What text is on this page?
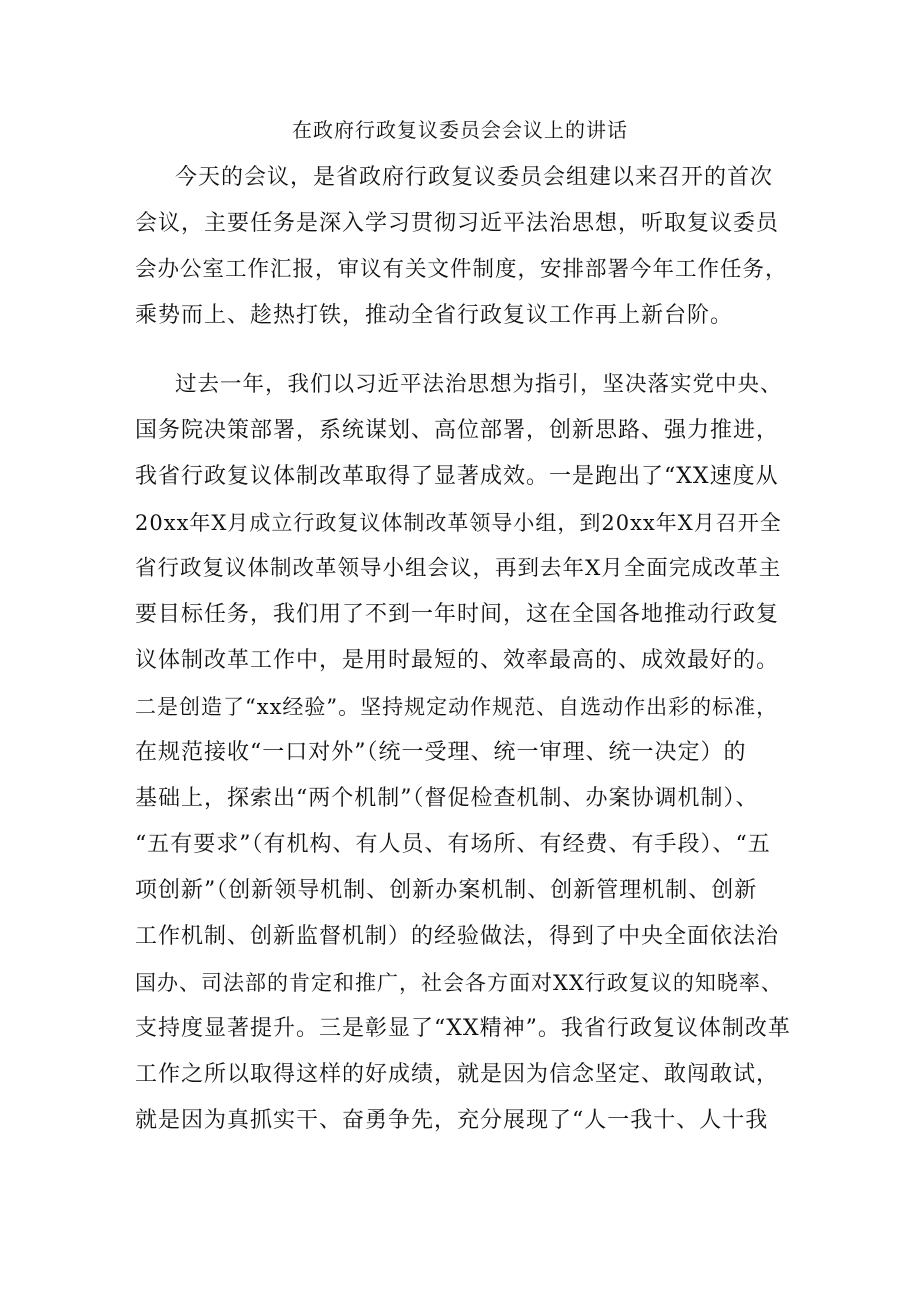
在政府行政复议委员会会议上的讲话

今天的会议，是省政府行政复议委员会组建以来召开的首次

会议，主要任务是深入学习贯彻习近平法治思想，听取复议委员

会办公室工作汇报，审议有关文件制度，安排部署今年工作任务，

乘势而上、趁热打铁，推动全省行政复议工作再上新台阶。

过去一年，我们以习近平法治思想为指引，坚决落实党中央、

国务院决策部署，系统谋划、高位部署，创新思路、强力推进，

我省行政复议体制改革取得了显著成效。一是跑出了“XX速度从

20xx年X月成立行政复议体制改革领导小组，到20xx年X月召开全

省行政复议体制改革领导小组会议，再到去年X月全面完成改革主

要目标任务，我们用了不到一年时间，这在全国各地推动行政复

议体制改革工作中，是用时最短的、效率最高的、成效最好的。

二是创造了“xx经验”。坚持规定动作规范、自选动作出彩的标准，

在规范接收“一口对外”（统一受理、统一审理、统一决定）的

基础上，探索出“两个机制”（督促检查机制、办案协调机制）、

“五有要求”（有机构、有人员、有场所、有经费、有手段）、“五

项创新”（创新领导机制、创新办案机制、创新管理机制、创新

工作机制、创新监督机制）的经验做法，得到了中央全面依法治

国办、司法部的肯定和推广，社会各方面对XX行政复议的知晓率、

支持度显著提升。三是彰显了“XX精神”。我省行政复议体制改革

工作之所以取得这样的好成绩，就是因为信念坚定、敢闯敢试，

就是因为真抓实干、奋勇争先，充分展现了“人一我十、人十我
